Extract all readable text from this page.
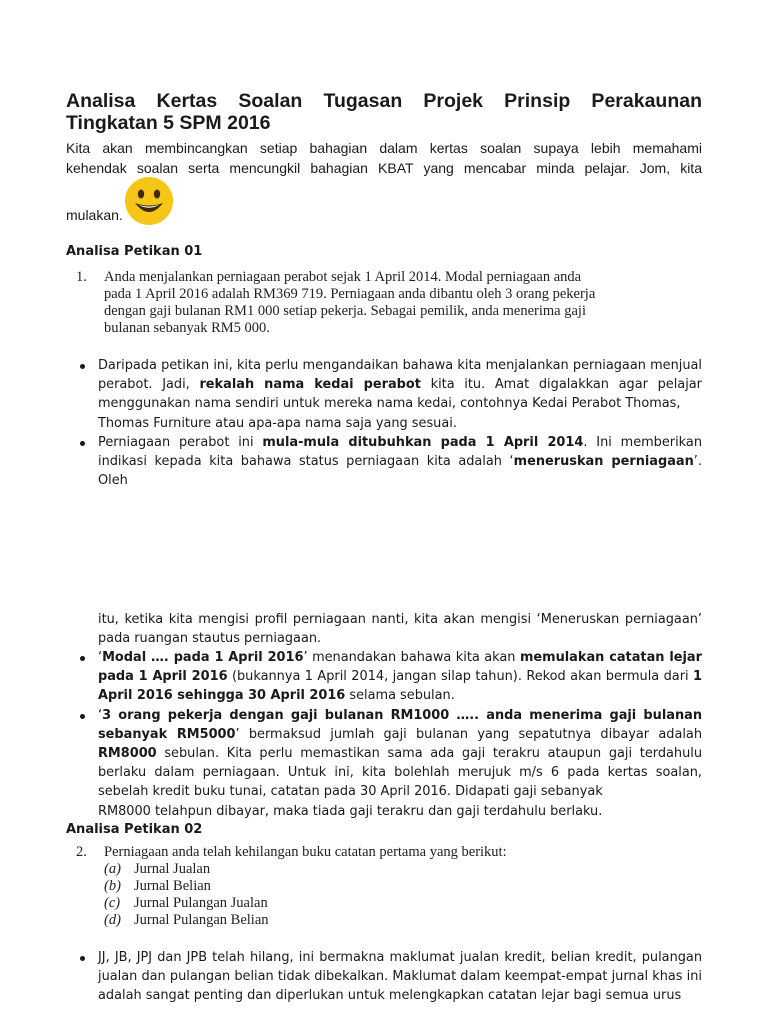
Analisa Kertas Soalan Tugasan Projek Prinsip Perakaunan
Tingkatan 5 SPM 2016

Kita akan membincangkan setiap bahagian dalam kertas soalan supaya lebih memahami
kehendak soalan serta mencungkil bahagian KBAT yang mencabar minda pelajar. Jom, kita

mulakan.
Analisa Petikan 01
1. Anda menjalankan perniagaan perabot sejak 1 April 2014. Modal perniagaan anda
pada 1 April 2016 adalah RM369 719. Perniagaan anda dibantu oleh 3 orang pekerja
dengan gaji bulanan RM1 000 setiap pekerja. Sebagai pemilik, anda menerima gaji
bulanan sebanyak RM5 000.
Daripada petikan ini, kita perlu mengandaikan bahawa kita menjalankan perniagaan menjual perabot. Jadi, rekalah nama kedai perabot kita itu. Amat digalakkan agar pelajar menggunakan nama sendiri untuk mereka nama kedai, contohnya Kedai Perabot Thomas,
Thomas Furniture atau apa-apa nama saja yang sesuai.
Perniagaan perabot ini mula-mula ditubuhkan pada 1 April 2014. Ini memberikan indikasi kepada kita bahawa status perniagaan kita adalah ‘meneruskan perniagaan’. Oleh
itu, ketika kita mengisi profil perniagaan nanti, kita akan mengisi ‘Meneruskan perniagaan’
pada ruangan stautus perniagaan.
‘Modal …. pada 1 April 2016’ menandakan bahawa kita akan memulakan catatan lejar pada 1 April 2016 (bukannya 1 April 2014, jangan silap tahun). Rekod akan bermula dari 1 April 2016 sehingga 30 April 2016 selama sebulan.
‘3 orang pekerja dengan gaji bulanan RM1000 ….. anda menerima gaji bulanan sebanyak RM5000’ bermaksud jumlah gaji bulanan yang sepatutnya dibayar adalah RM8000 sebulan. Kita perlu memastikan sama ada gaji terakru ataupun gaji terdahulu berlaku dalam perniagaan. Untuk ini, kita bolehlah merujuk m/s 6 pada kertas soalan, sebelah kredit buku tunai, catatan pada 30 April 2016. Didapati gaji sebanyak
RM8000 telahpun dibayar, maka tiada gaji terakru dan gaji terdahulu berlaku.
Analisa Petikan 02
2. Perniagaan anda telah kehilangan buku catatan pertama yang berikut:
(a) Jurnal Jualan
(b) Jurnal Belian
(c) Jurnal Pulangan Jualan
(d) Jurnal Pulangan Belian
JJ, JB, JPJ dan JPB telah hilang, ini bermakna maklumat jualan kredit, belian kredit, pulangan jualan dan pulangan belian tidak dibekalkan. Maklumat dalam keempat-empat jurnal khas ini adalah sangat penting dan diperlukan untuk melengkapkan catatan lejar bagi semua urus
